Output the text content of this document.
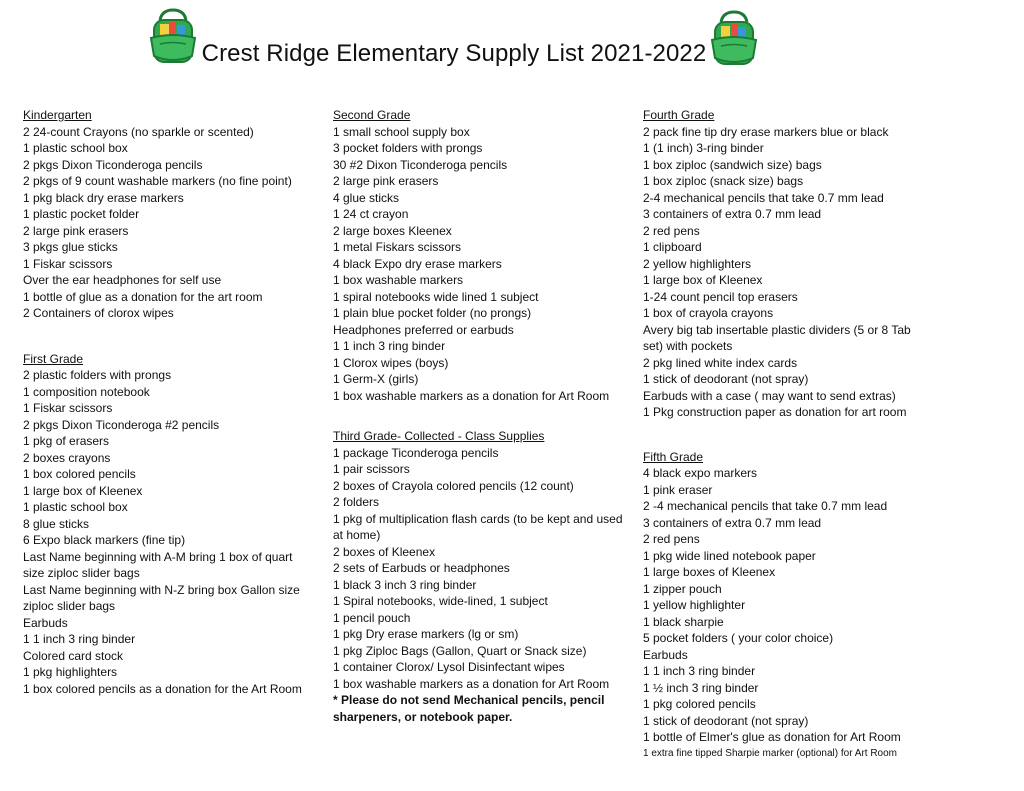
Crest Ridge Elementary Supply List 2021-2022

Kindergarten

2 24-count Crayons (no sparkle or scented)

1 plastic school box

2 pkgs Dixon Ticonderoga pencils

2 pkgs of 9 count washable markers (no fine point)

1 pkg black dry erase markers

1 plastic pocket folder

2 large pink erasers

3 pkgs glue sticks

1 Fiskar scissors

Over the ear headphones for self use

1 bottle of glue as a donation for the art room

2 Containers of clorox wipes

First Grade

2 plastic folders with prongs

1 composition notebook

1 Fiskar scissors

2 pkgs Dixon Ticonderoga #2 pencils

1 pkg of erasers

2 boxes crayons

1 box colored pencils

1 large box of Kleenex

1 plastic school box

8 glue sticks

6 Expo black markers (fine tip)

Last Name beginning with A-M bring 1 box of quart size ziploc slider bags

Last Name beginning with N-Z bring box Gallon size ziploc slider bags

Earbuds

1 1 inch 3 ring binder

Colored card stock

1 pkg highlighters

1 box colored pencils as a donation for the Art Room

Second Grade

1 small school supply box

3 pocket folders with prongs

30 #2 Dixon Ticonderoga pencils

2 large pink erasers

4 glue sticks

1 24 ct crayon

2 large boxes Kleenex

1 metal Fiskars scissors

4 black Expo dry erase markers

1 box washable markers

1 spiral notebooks wide lined 1 subject

1 plain blue pocket folder (no prongs)

Headphones preferred or earbuds

1 1 inch 3 ring binder

1 Clorox wipes (boys)

1 Germ-X (girls)

1 box washable markers as a donation for Art Room

Third Grade- Collected - Class Supplies

1 package Ticonderoga pencils

1 pair scissors

2 boxes of Crayola colored pencils (12 count)

2 folders

1 pkg of multiplication flash cards (to be kept and used at home)

2 boxes of Kleenex

2 sets of Earbuds or headphones

1 black 3 inch 3 ring binder

1 Spiral notebooks, wide-lined, 1 subject

1 pencil pouch

1 pkg Dry erase markers (lg or sm)

1 pkg Ziploc Bags (Gallon, Quart or Snack size)

1 container Clorox/ Lysol Disinfectant wipes

1 box washable markers as a donation for Art Room

* Please do not send Mechanical pencils, pencil sharpeners, or notebook paper.

Fourth Grade

2 pack fine tip dry erase markers blue or black

1 (1 inch) 3-ring binder

1 box ziploc (sandwich size) bags

1 box ziploc (snack size) bags

2-4 mechanical pencils that take 0.7 mm lead

3 containers of extra 0.7 mm lead

2 red pens

1 clipboard

2 yellow highlighters

1 large box of Kleenex

1-24 count pencil top erasers

1 box of crayola crayons

Avery big tab insertable plastic dividers (5 or 8 Tab set) with pockets

2 pkg lined white index cards

1 stick of deodorant (not spray)

Earbuds with a case ( may want to send extras)

1 Pkg construction paper as donation for art room

Fifth Grade

4 black expo markers

1 pink eraser

2 -4 mechanical pencils that take 0.7 mm lead

3 containers of extra 0.7 mm lead

2 red pens

1 pkg wide lined notebook paper

1 large boxes of Kleenex

1 zipper pouch

1 yellow highlighter

1 black sharpie

5 pocket folders ( your color choice)

Earbuds

1 1 inch 3 ring binder

1 ½ inch 3 ring binder

1 pkg colored pencils

1 stick of deodorant (not spray)

1 bottle of Elmer's glue as donation for Art Room

1 extra fine tipped Sharpie marker (optional) for Art Room
